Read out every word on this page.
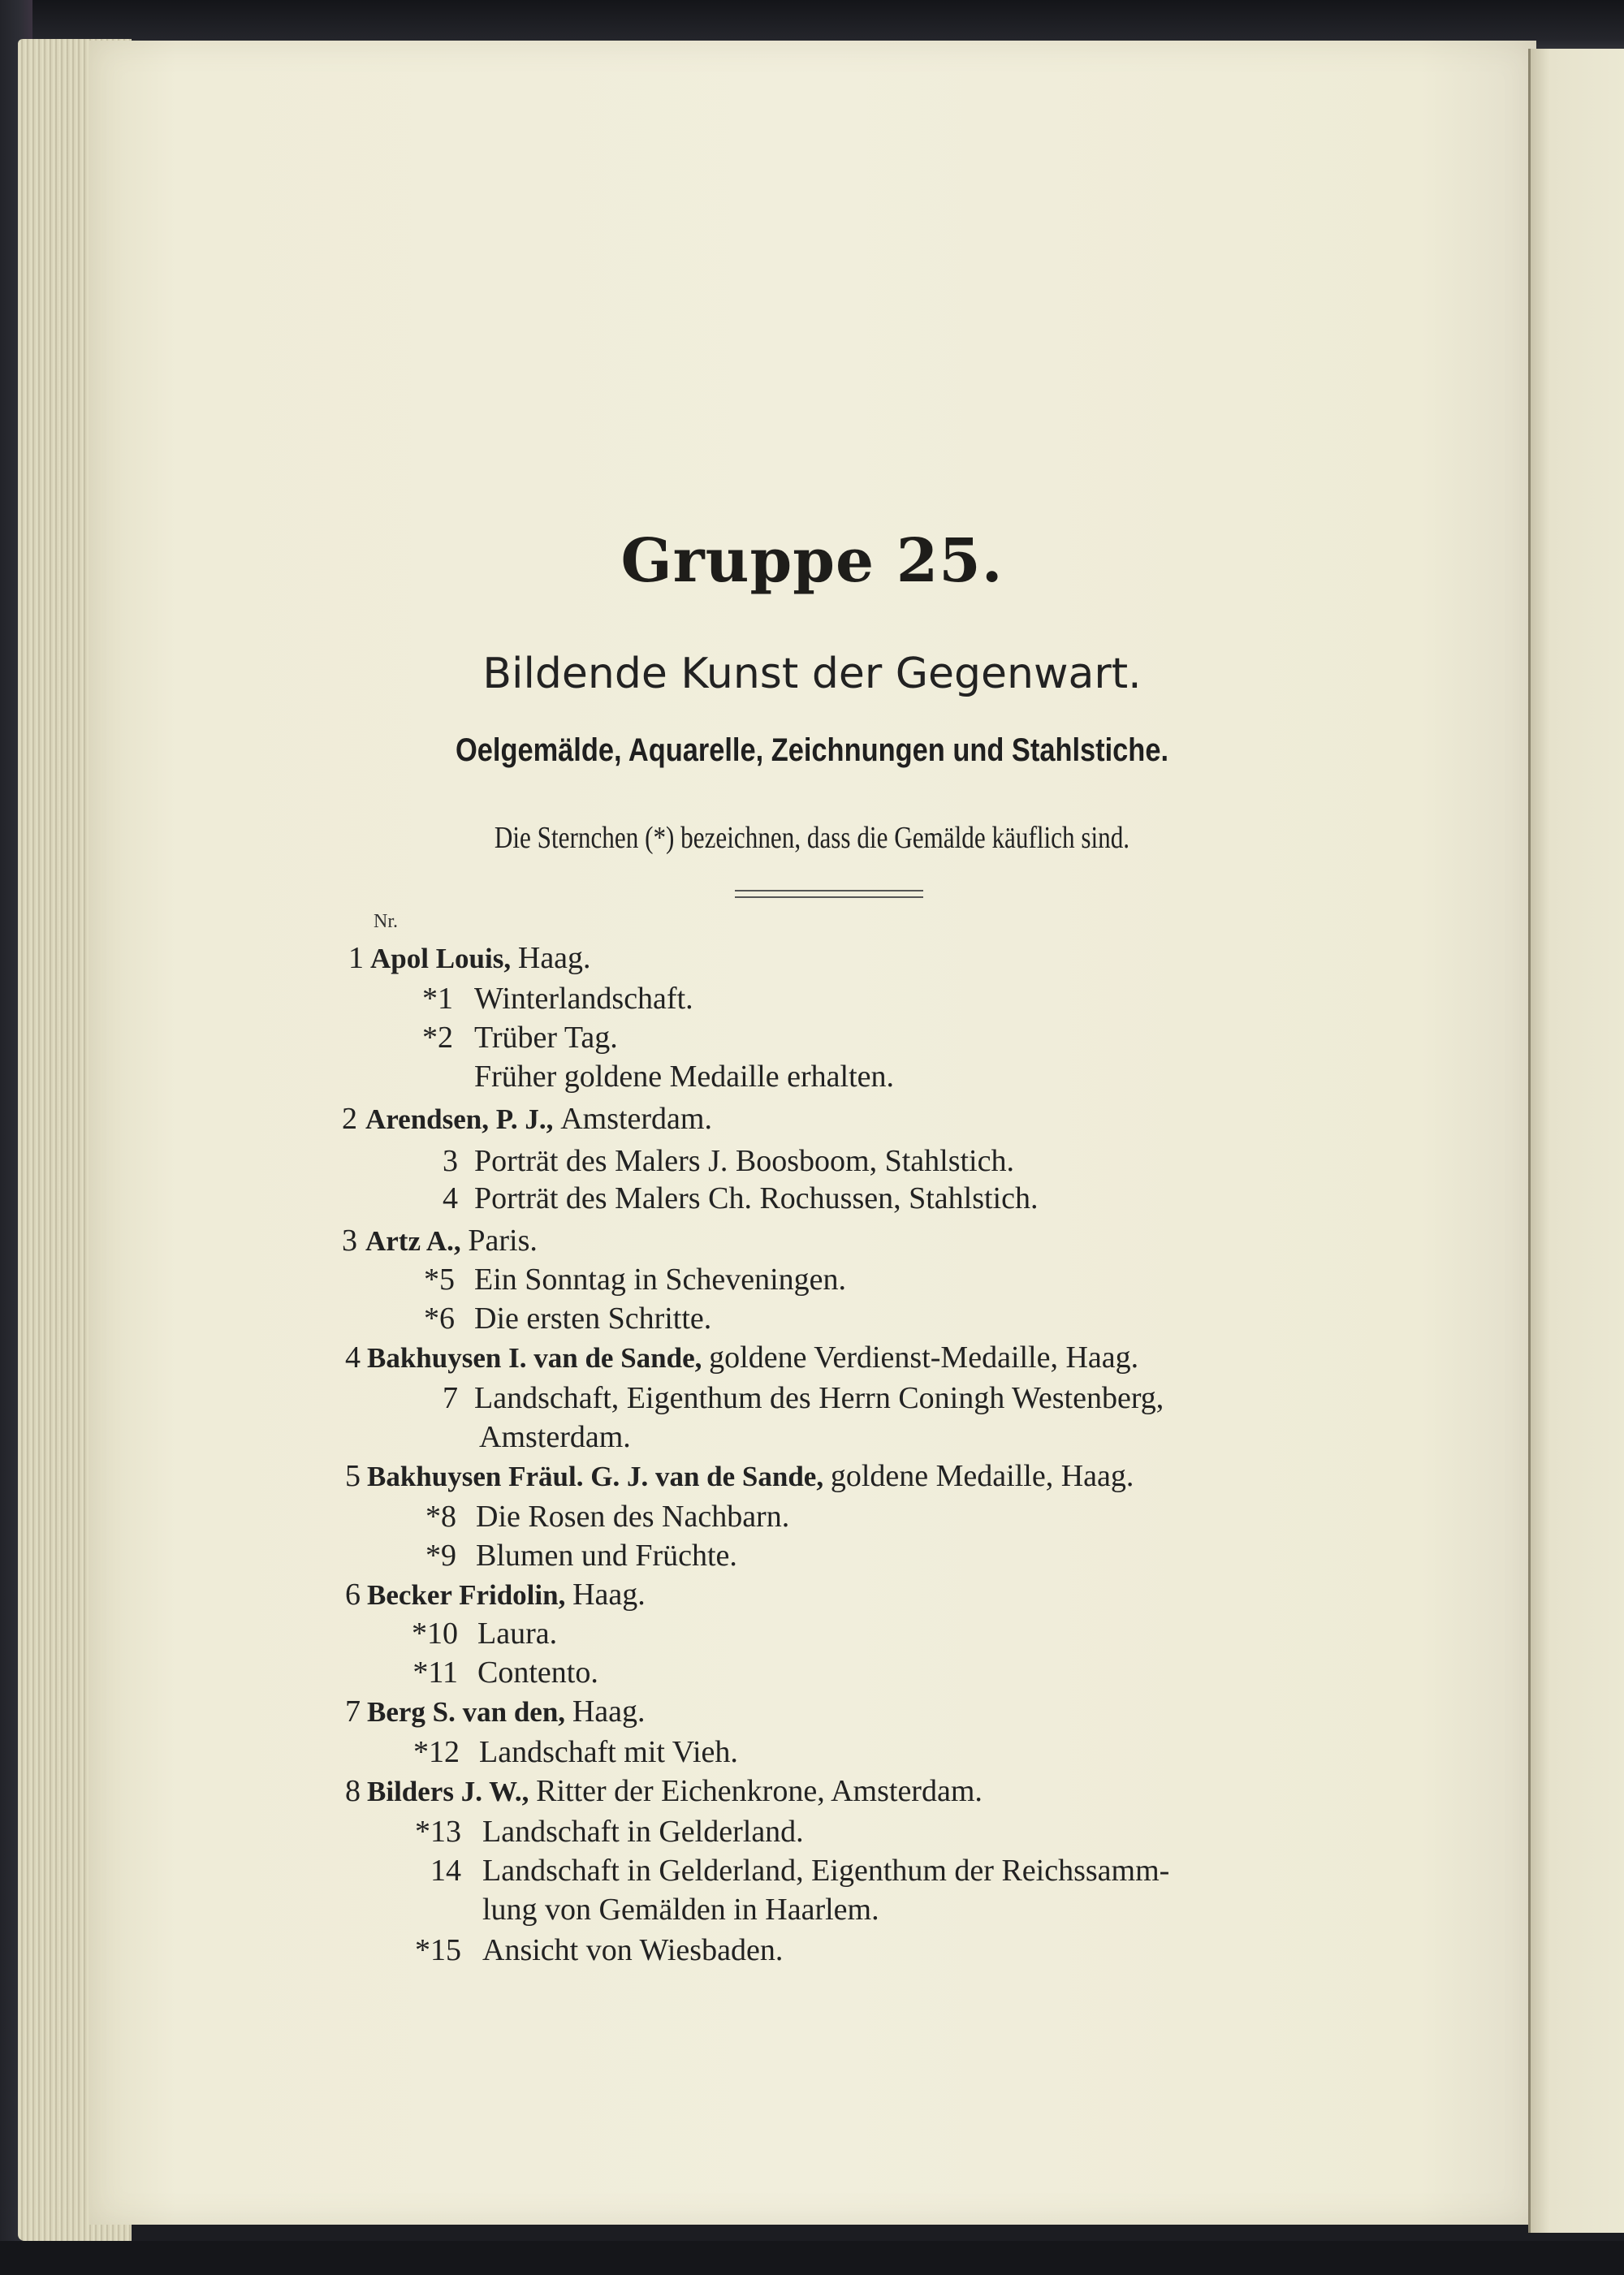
Gruppe 25.
Bildende Kunst der Gegenwart.
Oelgemälde, Aquarelle, Zeichnungen und Stahlstiche.
Die Sternchen (*) bezeichnen, dass die Gemälde käuflich sind.
Nr.
1 Apol Louis, Haag.
*1 Winterlandschaft.
*2 Trüber Tag.
Früher goldene Medaille erhalten.
2 Arendsen, P. J., Amsterdam.
3 Porträt des Malers J. Boosboom, Stahlstich.
4 Porträt des Malers Ch. Rochussen, Stahlstich.
3 Artz A., Paris.
*5 Ein Sonntag in Scheveningen.
*6 Die ersten Schritte.
4 Bakhuysen I. van de Sande, goldene Verdienst-Medaille, Haag.
7 Landschaft, Eigenthum des Herrn Coningh Westenberg,
Amsterdam.
5 Bakhuysen Fräul. G. J. van de Sande, goldene Medaille, Haag.
*8 Die Rosen des Nachbarn.
*9 Blumen und Früchte.
6 Becker Fridolin, Haag.
*10 Laura.
*11 Contento.
7 Berg S. van den, Haag.
*12 Landschaft mit Vieh.
8 Bilders J. W., Ritter der Eichenkrone, Amsterdam.
*13 Landschaft in Gelderland.
14 Landschaft in Gelderland, Eigenthum der Reichssamm-
lung von Gemälden in Haarlem.
*15 Ansicht von Wiesbaden.
